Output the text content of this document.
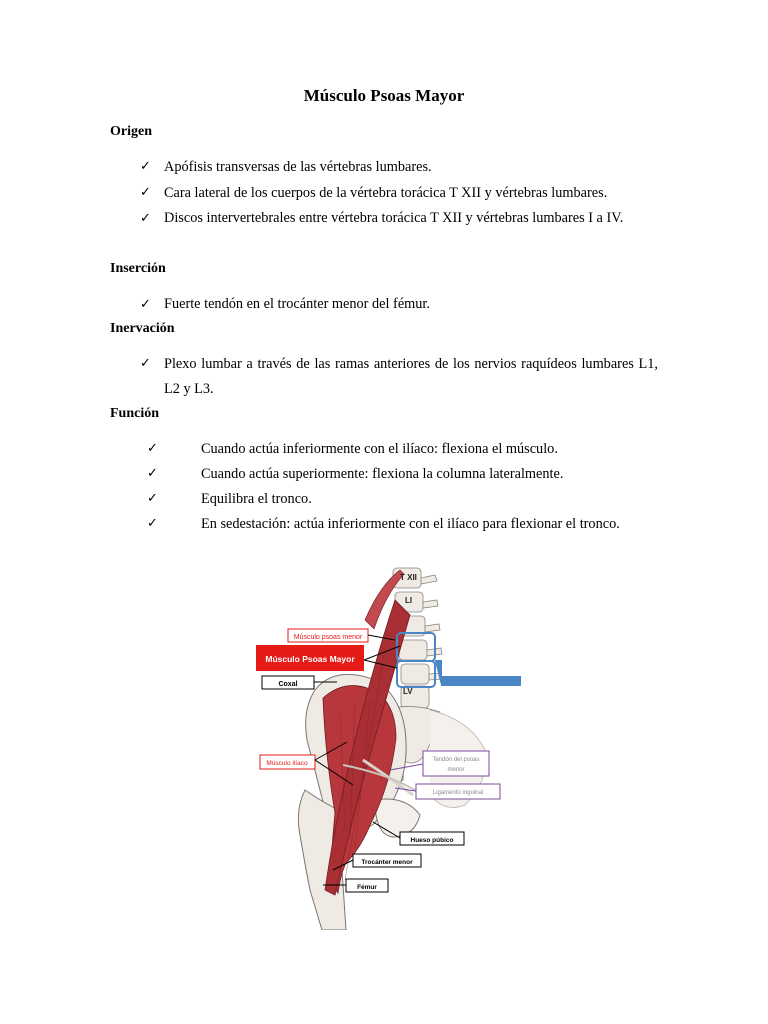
Músculo Psoas Mayor
Origen
✓ Apófisis transversas de las vértebras lumbares.
✓ Cara lateral de los cuerpos de la vértebra torácica T XII y vértebras lumbares.
✓ Discos intervertebrales entre vértebra torácica T XII y vértebras lumbares I a IV.
Inserción
✓ Fuerte tendón en el trocánter menor del fémur.
Inervación
✓ Plexo lumbar a través de las ramas anteriores de los nervios raquídeos lumbares L1, L2 y L3.
Función
✓	Cuando actúa inferiormente con el ilíaco: flexiona el músculo.
✓	Cuando actúa superiormente: flexiona la columna lateralmente.
✓	Equilibra el tronco.
✓	En sedestación: actúa inferiormente con el ilíaco para flexionar el tronco.
T XII
LI
LV
Músculo psoas menor
Músculo Psoas Mayor
Coxal
Músculo ilíaco	Tendón del psoas
menor
Ligamento inguinal
Hueso púbico
Trocánter menor
Fémur
